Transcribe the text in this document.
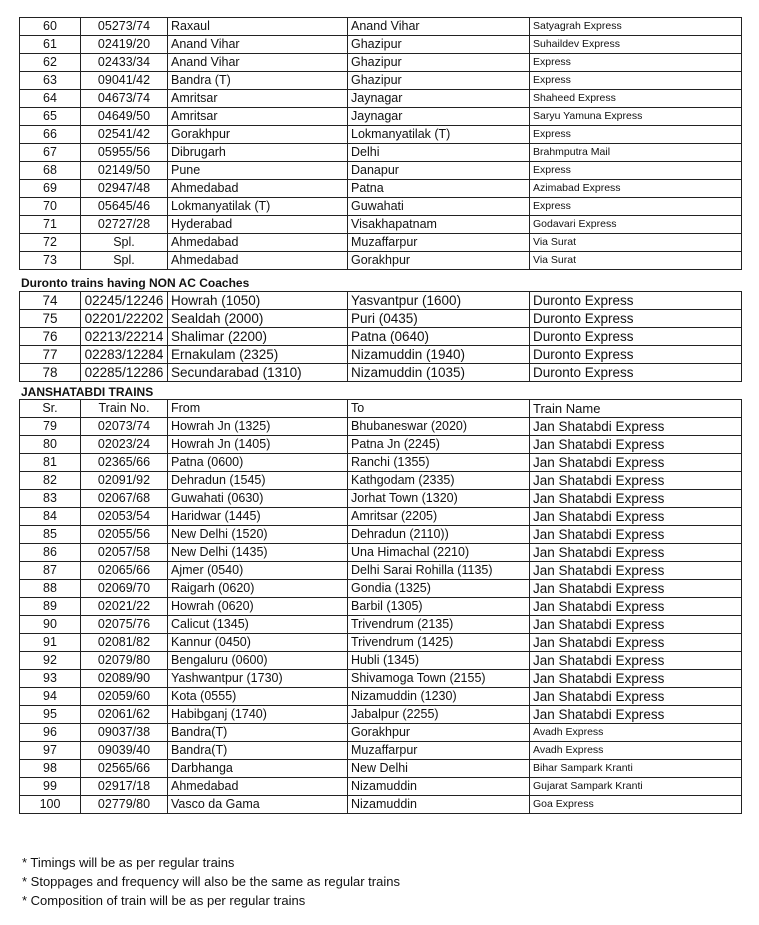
60	05273/74	Raxaul	Anand Vihar	Satyagrah Express
61	02419/20	Anand Vihar	Ghazipur	Suhaildev Express
62	02433/34	Anand Vihar	Ghazipur	Express
63	09041/42	Bandra (T)	Ghazipur	Express
64	04673/74	Amritsar	Jaynagar	Shaheed Express
65	04649/50	Amritsar	Jaynagar	Saryu Yamuna Express
66	02541/42	Gorakhpur	Lokmanyatilak (T)	Express
67	05955/56	Dibrugarh	Delhi	Brahmputra Mail
68	02149/50	Pune	Danapur	Express
69	02947/48	Ahmedabad	Patna	Azimabad Express
70	05645/46	Lokmanyatilak (T)	Guwahati	Express
71	02727/28	Hyderabad	Visakhapatnam	Godavari Express
72	Spl.	Ahmedabad	Muzaffarpur	Via Surat
73	Spl.	Ahmedabad	Gorakhpur	Via Surat
Duronto trains having NON AC Coaches
74	02245/12246	Howrah (1050)	Yasvantpur (1600)	Duronto Express
75	02201/22202	Sealdah (2000)	Puri (0435)	Duronto Express
76	02213/22214	Shalimar (2200)	Patna (0640)	Duronto Express
77	02283/12284	Ernakulam (2325)	Nizamuddin (1940)	Duronto Express
78	02285/12286	Secundarabad (1310)	Nizamuddin (1035)	Duronto Express
JANSHATABDI TRAINS
Sr.	Train No.	From	To	Train Name
79	02073/74	Howrah Jn (1325)	Bhubaneswar (2020)	Jan Shatabdi Express
80	02023/24	Howrah Jn (1405)	Patna Jn (2245)	Jan Shatabdi Express
81	02365/66	Patna (0600)	Ranchi (1355)	Jan Shatabdi Express
82	02091/92	Dehradun (1545)	Kathgodam (2335)	Jan Shatabdi Express
83	02067/68	Guwahati (0630)	Jorhat Town (1320)	Jan Shatabdi Express
84	02053/54	Haridwar (1445)	Amritsar (2205)	Jan Shatabdi Express
85	02055/56	New Delhi (1520)	Dehradun (2110))	Jan Shatabdi Express
86	02057/58	New Delhi (1435)	Una Himachal (2210)	Jan Shatabdi Express
87	02065/66	Ajmer (0540)	Delhi Sarai Rohilla (1135)	Jan Shatabdi Express
88	02069/70	Raigarh (0620)	Gondia (1325)	Jan Shatabdi Express
89	02021/22	Howrah (0620)	Barbil (1305)	Jan Shatabdi Express
90	02075/76	Calicut (1345)	Trivendrum (2135)	Jan Shatabdi Express
91	02081/82	Kannur (0450)	Trivendrum (1425)	Jan Shatabdi Express
92	02079/80	Bengaluru (0600)	Hubli (1345)	Jan Shatabdi Express
93	02089/90	Yashwantpur (1730)	Shivamoga Town (2155)	Jan Shatabdi Express
94	02059/60	Kota (0555)	Nizamuddin (1230)	Jan Shatabdi Express
95	02061/62	Habibganj (1740)	Jabalpur (2255)	Jan Shatabdi Express
96	09037/38	Bandra(T)	Gorakhpur	Avadh Express
97	09039/40	Bandra(T)	Muzaffarpur	Avadh Express
98	02565/66	Darbhanga	New Delhi	Bihar Sampark Kranti
99	02917/18	Ahmedabad	Nizamuddin	Gujarat Sampark Kranti
100	02779/80	Vasco da Gama	Nizamuddin	Goa Express
* Timings will be as per regular trains
* Stoppages and frequency will also be the same as regular trains
* Composition of train will be as per regular trains
